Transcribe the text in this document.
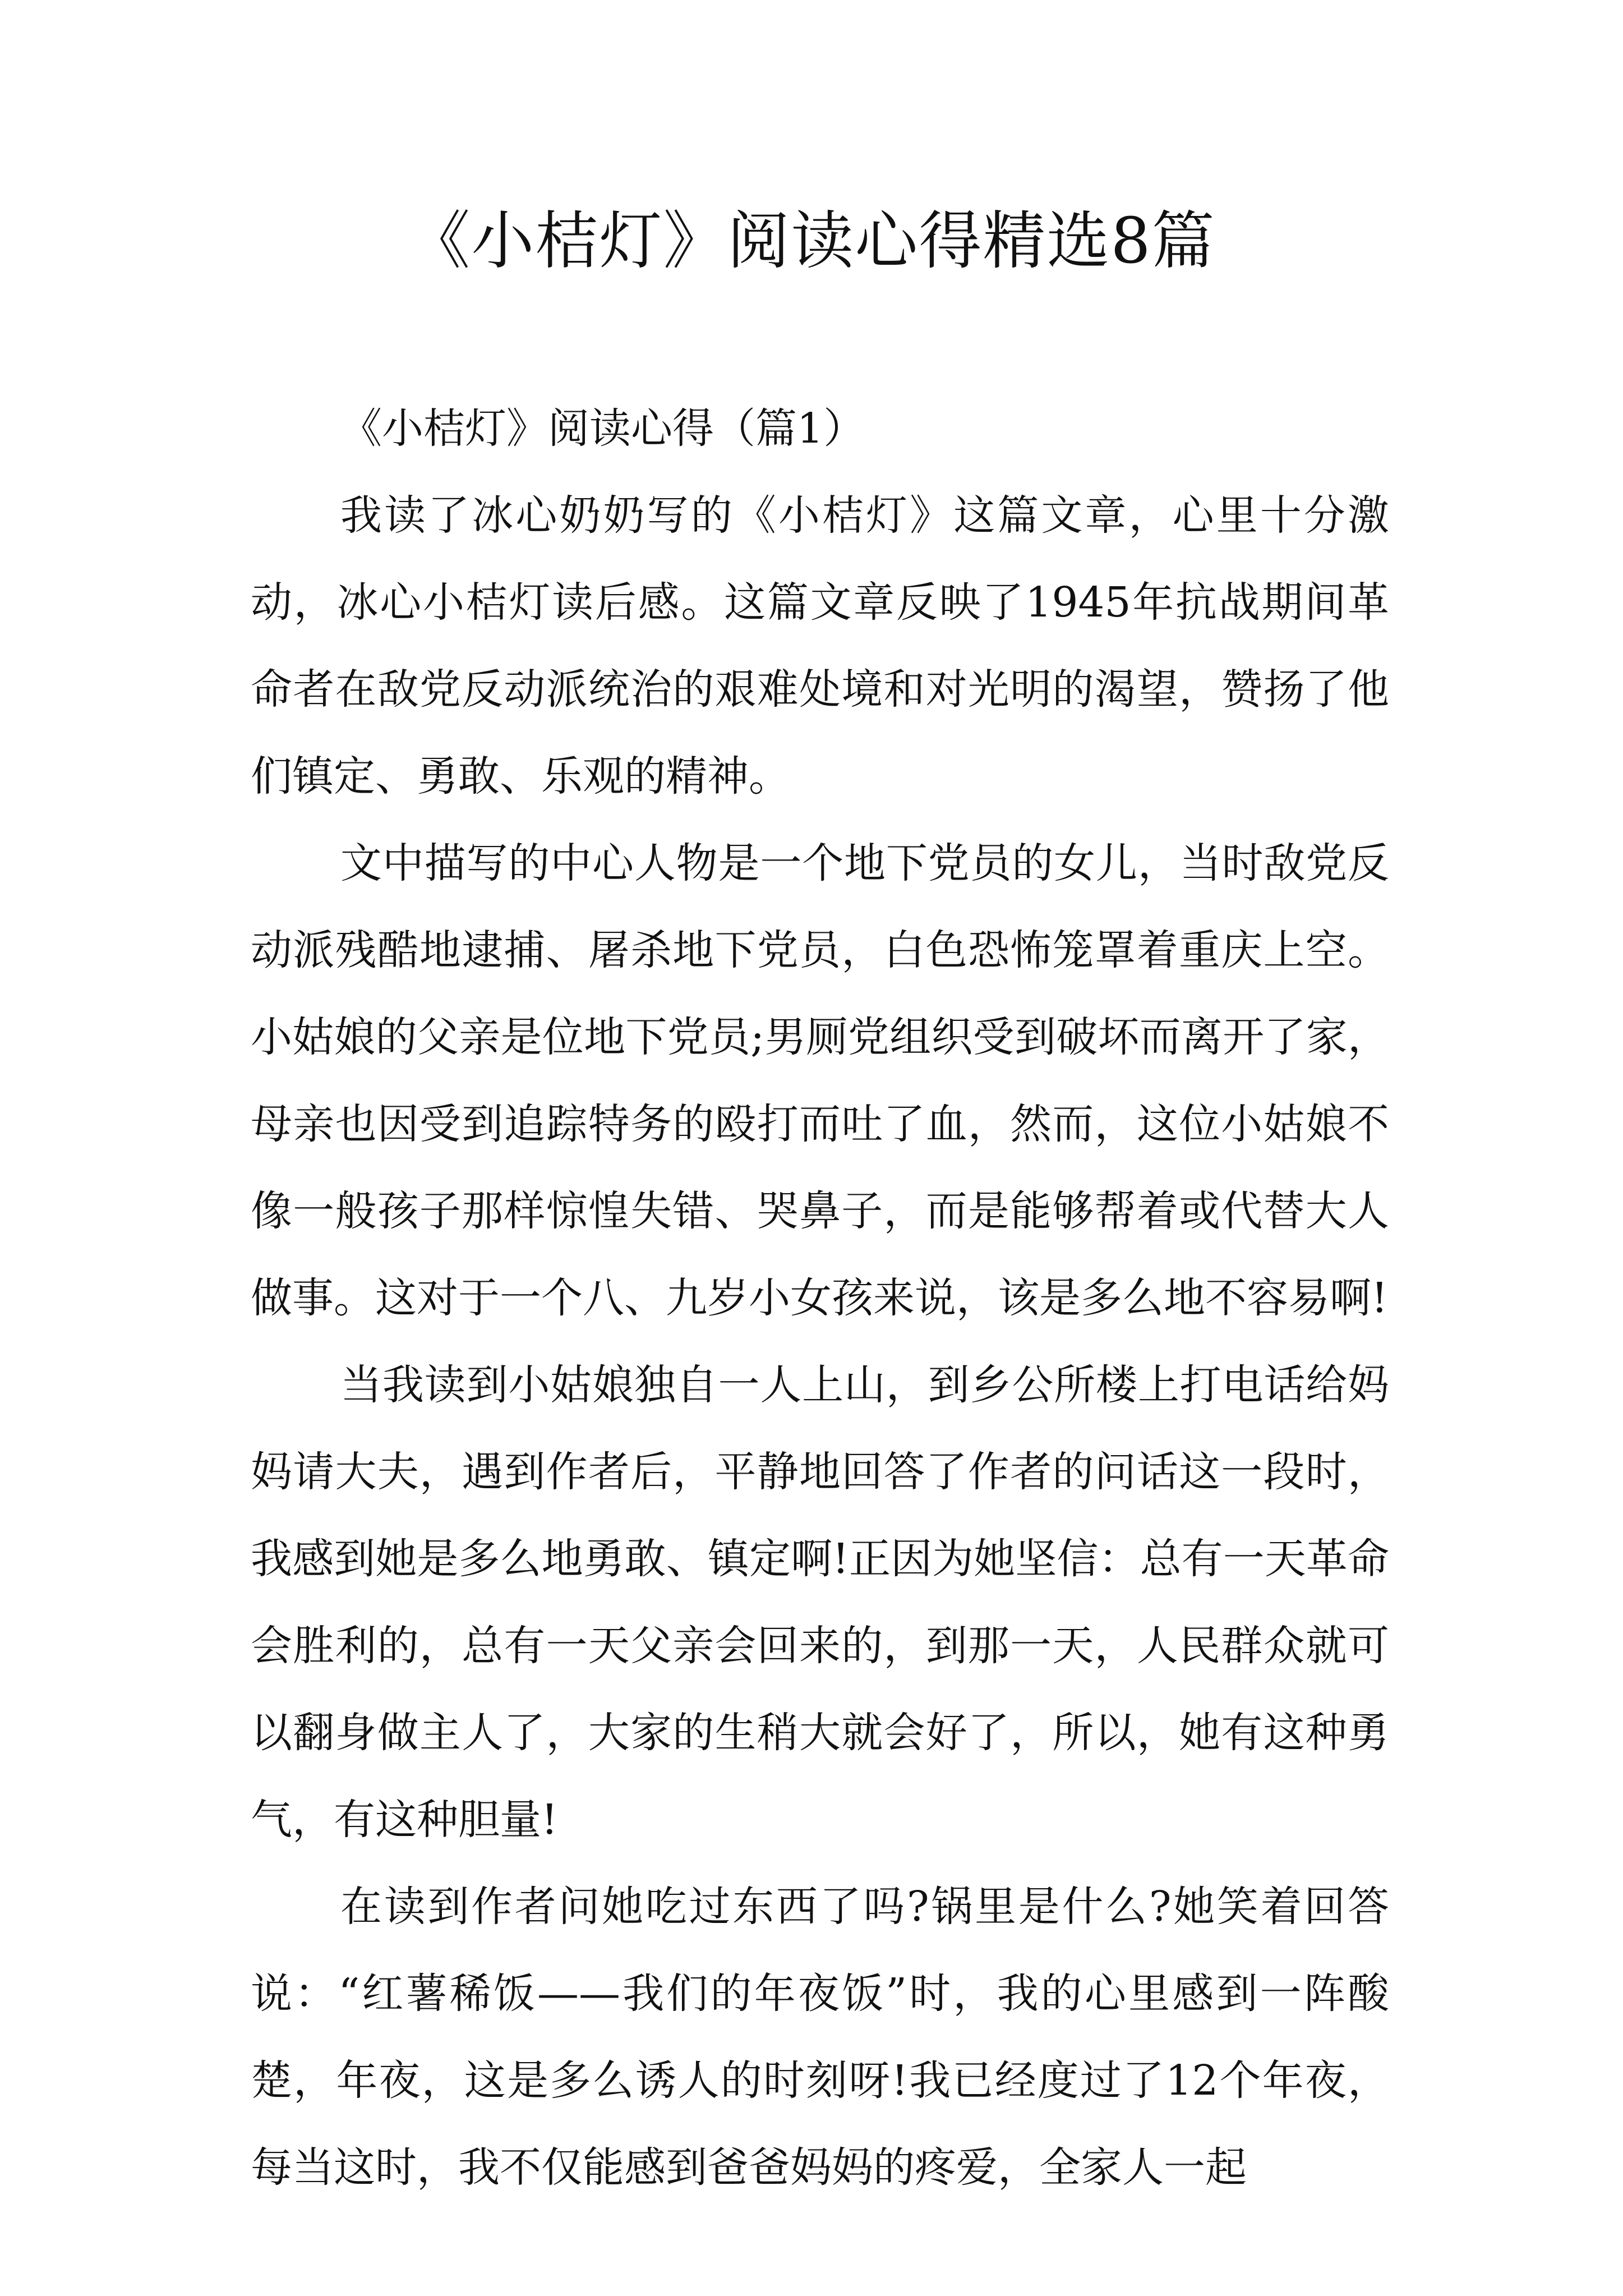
《小桔灯》阅读心得精选8篇
《小桔灯》阅读心得（篇1）

我读了冰心奶奶写的《小桔灯》这篇文章，心里十分激动，冰心小桔灯读后感。这篇文章反映了1945年抗战期间革命者在敌党反动派统治的艰难处境和对光明的渴望，赞扬了他们镇定、勇敢、乐观的精神。

文中描写的中心人物是一个地下党员的女儿，当时敌党反动派残酷地逮捕、屠杀地下党员，白色恐怖笼罩着重庆上空。小姑娘的父亲是位地下党员;男厕党组织受到破坏而离开了家，母亲也因受到追踪特务的殴打而吐了血，然而，这位小姑娘不像一般孩子那样惊惶失错、哭鼻子，而是能够帮着或代替大人做事。这对于一个八、九岁小女孩来说，该是多么地不容易啊!

当我读到小姑娘独自一人上山，到乡公所楼上打电话给妈妈请大夫，遇到作者后，平静地回答了作者的问话这一段时，我感到她是多么地勇敢、镇定啊!正因为她坚信：总有一天革命会胜利的，总有一天父亲会回来的，到那一天，人民群众就可以翻身做主人了，大家的生稍大就会好了，所以，她有这种勇气，有这种胆量!

在读到作者问她吃过东西了吗?锅里是什么?她笑着回答说：“红薯稀饭——我们的年夜饭”时，我的心里感到一阵酸楚，年夜，这是多么诱人的时刻呀!我已经度过了12个年夜，每当这时，我不仅能感到爸爸妈妈的疼爱，全家人一起
